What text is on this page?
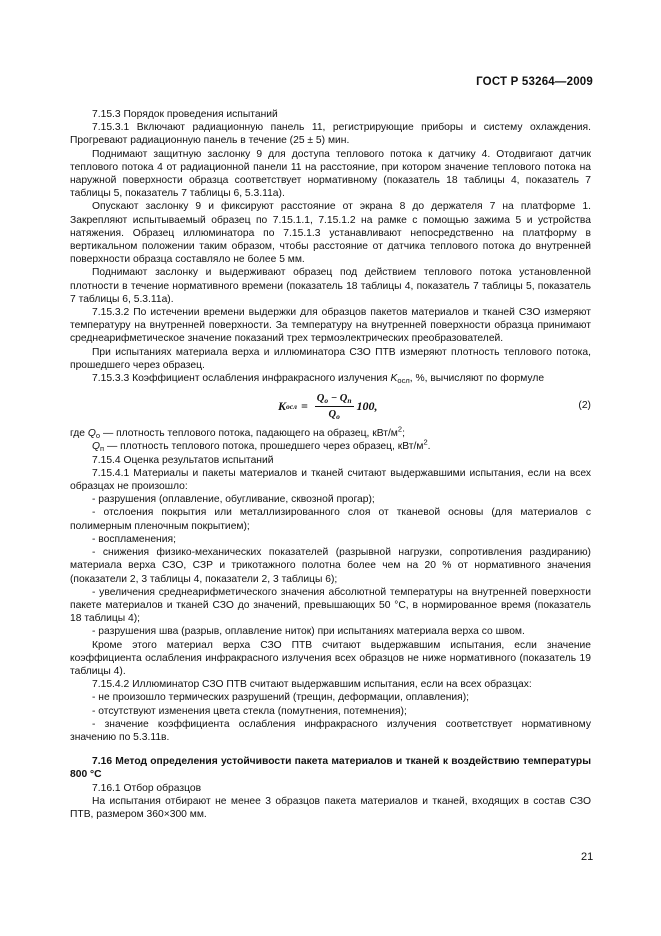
ГОСТ Р 53264—2009

7.15.3 Порядок проведения испытаний

7.15.3.1 Включают радиационную панель 11, регистрирующие приборы и систему охлаждения. Прогревают радиационную панель в течение (25 ± 5) мин.

Поднимают защитную заслонку 9 для доступа теплового потока к датчику 4. Отодвигают датчик теплового потока 4 от радиационной панели 11 на расстояние, при котором значение теплового потока на наружной поверхности образца соответствует нормативному (показатель 18 таблицы 4, показатель 7 таблицы 5, показатель 7 таблицы 6, 5.3.11а).

Опускают заслонку 9 и фиксируют расстояние от экрана 8 до держателя 7 на платформе 1. Закрепляют испытываемый образец по 7.15.1.1, 7.15.1.2 на рамке с помощью зажима 5 и устройства натяжения. Образец иллюминатора по 7.15.1.3 устанавливают непосредственно на платформу в вертикальном положении таким образом, чтобы расстояние от датчика теплового потока до внутренней поверхности образца составляло не более 5 мм.

Поднимают заслонку и выдерживают образец под действием теплового потока установленной плотности в течение нормативного времени (показатель 18 таблицы 4, показатель 7 таблицы 5, показатель 7 таблицы 6, 5.3.11а).

7.15.3.2 По истечении времени выдержки для образцов пакетов материалов и тканей СЗО измеряют температуру на внутренней поверхности. За температуру на внутренней поверхности образца принимают среднеарифметическое значение показаний трех термоэлектрических преобразователей.

При испытаниях материала верха и иллюминатора СЗО ПТВ измеряют плотность теплового потока, прошедшего через образец.

7.15.3.3 Коэффициент ослабления инфракрасного излучения $K_{осл}$, %, вычисляют по формуле

K осл = $\frac{Q_о - Q_п}{Q_о} 100$,	(2)

где $Q_о$ — плотность теплового потока, падающего на образец, кВт/$м^2$;

$Q_п$ — плотность теплового потока, прошедшего через образец, кВт/$м^2$.

7.15.4 Оценка результатов испытаний

7.15.4.1 Материалы и пакеты материалов и тканей считают выдержавшими испытания, если на всех образцах не произошло:

- разрушения (оплавление, обугливание, сквозной прогар);

- отслоения покрытия или металлизированного слоя от тканевой основы (для материалов с полимерным пленочным покрытием);

- воспламенения;

- снижения физико-механических показателей (разрывной нагрузки, сопротивления раздиранию) материала верха СЗО, СЗР и трикотажного полотна более чем на 20 % от нормативного значения (показатели 2, 3 таблицы 4, показатели 2, 3 таблицы 6);

- увеличения среднеарифметического значения абсолютной температуры на внутренней поверхности пакете материалов и тканей СЗО до значений, превышающих 50 °С, в нормированное время (показатель 18 таблицы 4);

- разрушения шва (разрыв, оплавление ниток) при испытаниях материала верха со швом.

Кроме этого материал верха СЗО ПТВ считают выдержавшим испытания, если значение коэффициента ослабления инфракрасного излучения всех образцов не ниже нормативного (показатель 19 таблицы 4).

7.15.4.2 Иллюминатор СЗО ПТВ считают выдержавшим испытания, если на всех образцах:

- не произошло термических разрушений (трещин, деформации, оплавления);

- отсутствуют изменения цвета стекла (помутнения, потемнения);

- значение коэффициента ослабления инфракрасного излучения соответствует нормативному значению по 5.3.11в.

7.16 Метод определения устойчивости пакета материалов и тканей к воздействию температуры 800 °С

7.16.1 Отбор образцов

На испытания отбирают не менее 3 образцов пакета материалов и тканей, входящих в состав СЗО ПТВ, размером 360×300 мм.

21
